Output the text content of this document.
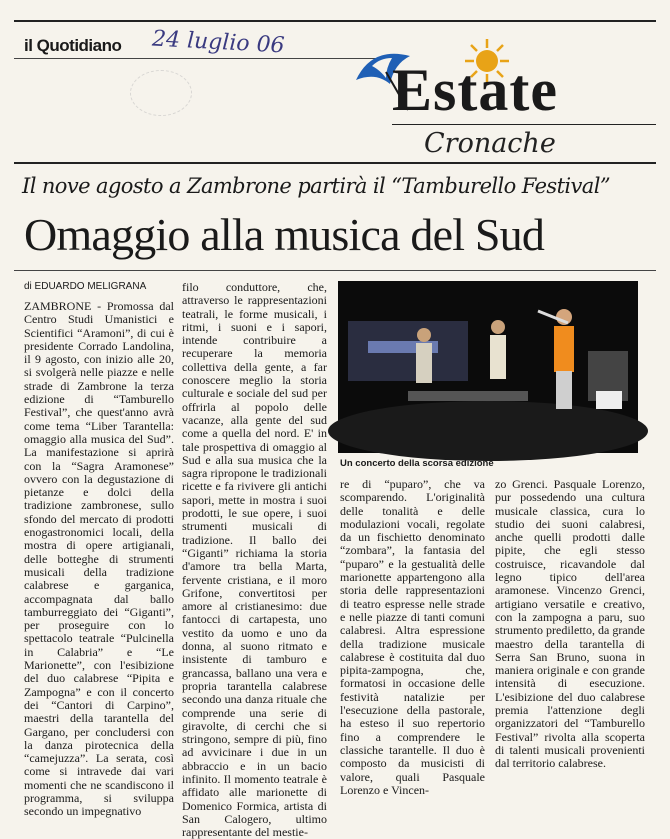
il Quotidiano 24 luglio 06
Estate
Cronache
Il nove agosto a Zambrone partirà il “Tamburello Festival”
Omaggio alla musica del Sud
di EDUARDO MELIGRANA

ZAMBRONE - Promossa dal Centro Studi Umanistici e Scientifici “Aramoni”, di cui è presidente Corrado Landolina, il 9 agosto, con inizio alle 20, si svolgerà nelle piazze e nelle strade di Zambrone la terza edizione di “Tamburello Festival”, che quest'anno avrà come tema “Liber Tarantella: omaggio alla musica del Sud”. La manifestazione si aprirà con la “Sagra Aramonese” ovvero con la degustazione di pietanze e dolci della tradizione zambronese, sullo sfondo del mercato di prodotti enogastronomici locali, della mostra di opere artigianali, delle botteghe di strumenti musicali della tradizione calabrese e garganica, accompagnata dal ballo tamburreggiato dei “Giganti”, per proseguire con lo spettacolo teatrale “Pulcinella in Calabria” e “Le Marionette”, con l'esibizione del duo calabrese “Pipita e Zampogna” e con il concerto dei “Cantori di Carpino”, maestri della tarantella del Gargano, per concludersi con la danza pirotecnica della “camejuzza”. La serata, così come si intravede dai vari momenti che ne scandiscono il programma, si sviluppa secondo un impegnativo

filo conduttore, che, attraverso le rappresentazioni teatrali, le forme musicali, i ritmi, i suoni e i sapori, intende contribuire a recuperare la memoria collettiva della gente, a far conoscere meglio la storia culturale e sociale del sud per offrirla al popolo delle vacanze, alla gente del sud come a quella del nord. E' in tale prospettiva di omaggio al Sud e alla sua musica che la sagra ripropone le tradizionali ricette e fa rivivere gli antichi sapori, mette in mostra i suoi prodotti, le sue opere, i suoi strumenti musicali di tradizione. Il ballo dei “Giganti” richiama la storia d'amore tra bella Marta, fervente cristiana, e il moro Grifone, convertitosi per amore al cristianesimo: due fantocci di cartapesta, uno vestito da uomo e uno da donna, al suono ritmato e insistente di tamburo e grancassa, ballano una vera e propria tarantella calabrese secondo una danza rituale che comprende una serie di giravolte, di cerchi che si stringono, sempre di più, fino ad avvicinare i due in un abbraccio e in un bacio infinito. Il momento teatrale è affidato alle marionette di Domenico Formica, artista di San Calogero, ultimo rappresentante del mestie-

Un concerto della scorsa edizione

re di “puparo”, che va scomparendo. L'originalità delle tonalità e delle modulazioni vocali, regolate da un fischietto denominato “zombara”, la fantasia del “puparo” e la gestualità delle marionette appartengono alla storia delle rappresentazioni di teatro espresse nelle strade e nelle piazze di tanti comuni calabresi. Altra espressione della tradizione musicale calabrese è costituita dal duo pipita-zampogna, che, formatosi in occasione delle festività natalizie per l'esecuzione della pastorale, ha esteso il suo repertorio fino a comprendere le classiche tarantelle. Il duo è composto da musicisti di valore, quali Pasquale Lorenzo e Vincen-

zo Grenci. Pasquale Lorenzo, pur possedendo una cultura musicale classica, cura lo studio dei suoni calabresi, anche quelli prodotti dalle pipite, che egli stesso costruisce, ricavandole dal legno tipico dell'area aramonese. Vincenzo Grenci, artigiano versatile e creativo, con la zampogna a paru, suo strumento prediletto, da grande maestro della tarantella di Serra San Bruno, suona in maniera originale e con grande intensità di esecuzione. L'esibizione del duo calabrese premia l'attenzione degli organizzatori del “Tamburello Festival” rivolta alla scoperta di talenti musicali provenienti dal territorio calabrese.
